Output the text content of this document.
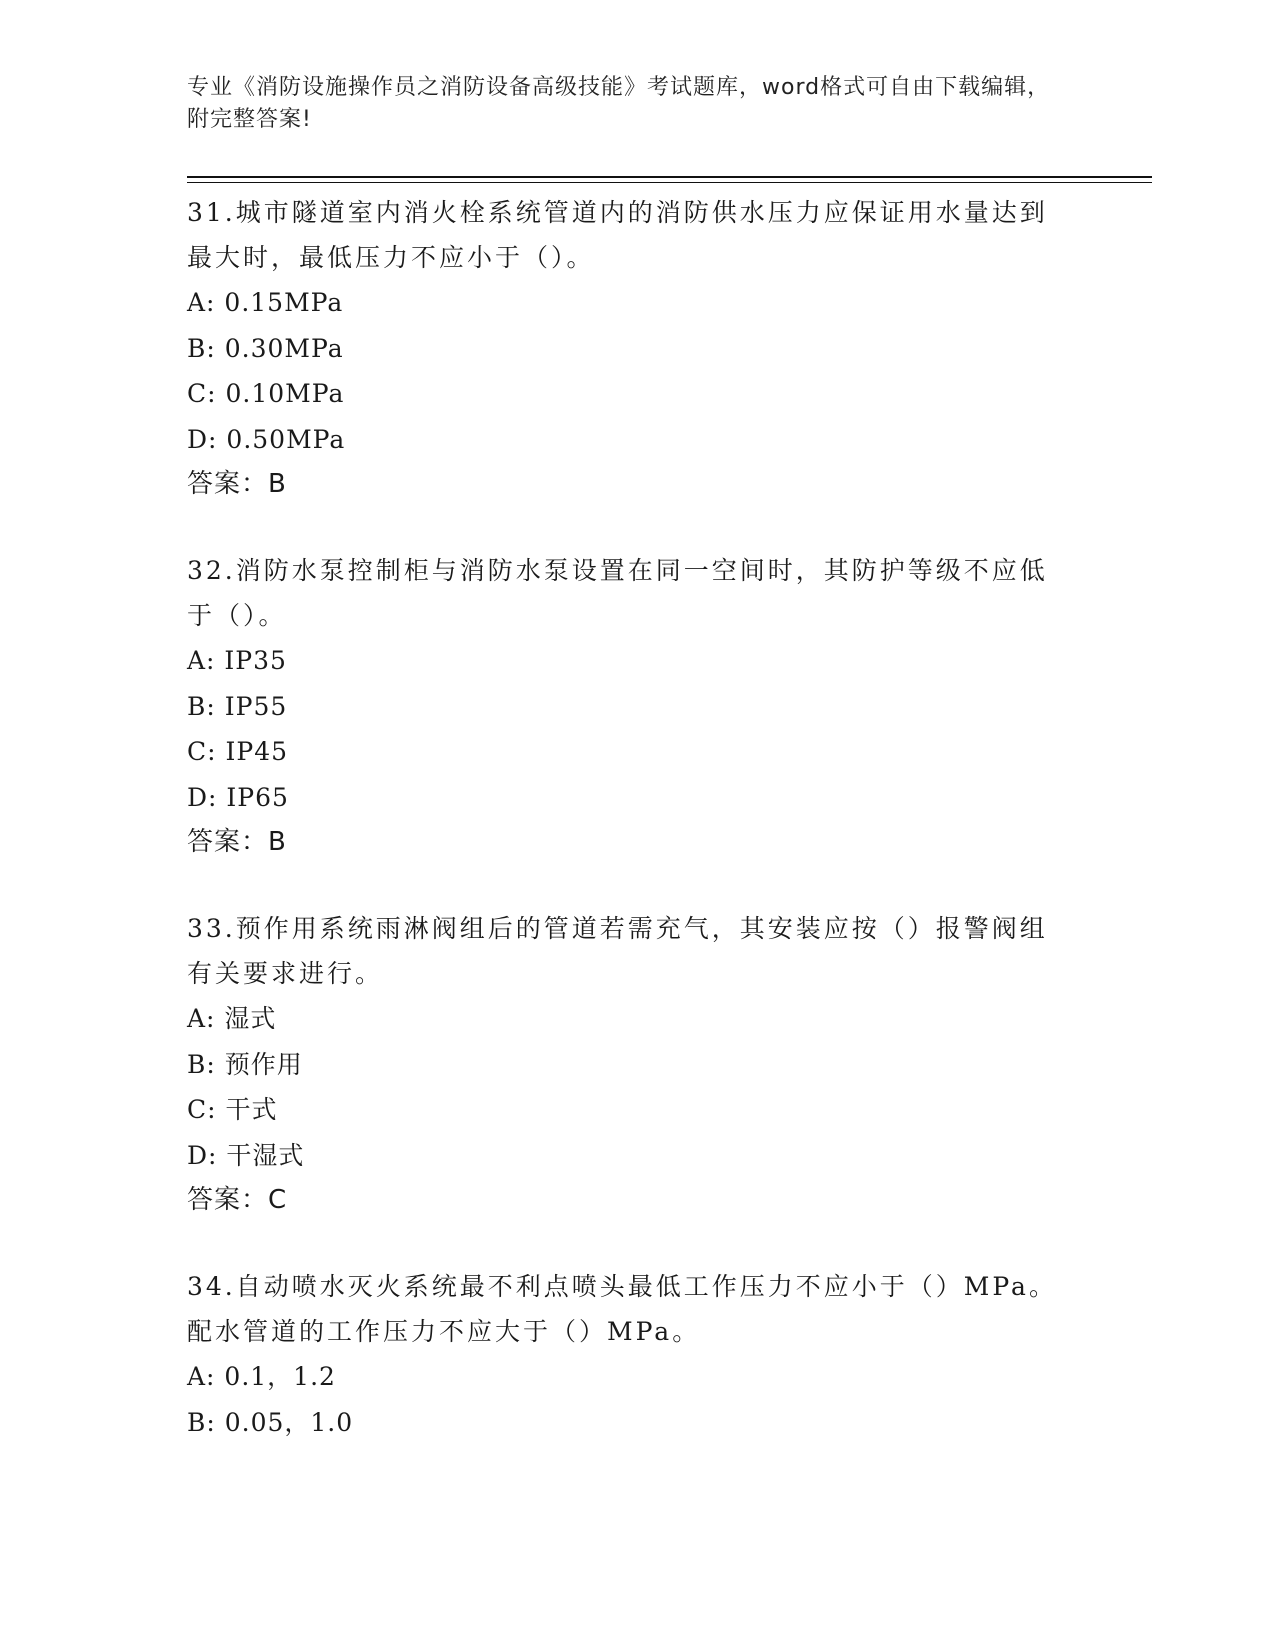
专业《消防设施操作员之消防设备高级技能》考试题库，word格式可自由下载编辑，附完整答案!

31.城市隧道室内消火栓系统管道内的消防供水压力应保证用水量达到最大时，最低压力不应小于（）。

A: 0.15MPa

B: 0.30MPa

C: 0.10MPa

D: 0.50MPa

答案：B

32.消防水泵控制柜与消防水泵设置在同一空间时，其防护等级不应低于（）。

A: IP35

B: IP55

C: IP45

D: IP65

答案：B

33.预作用系统雨淋阀组后的管道若需充气，其安装应按（）报警阀组有关要求进行。

A: 湿式

B: 预作用

C: 干式

D: 干湿式

答案：C

34.自动喷水灭火系统最不利点喷头最低工作压力不应小于（）MPa。配水管道的工作压力不应大于（）MPa。

A: 0.1，1.2

B: 0.05，1.0
